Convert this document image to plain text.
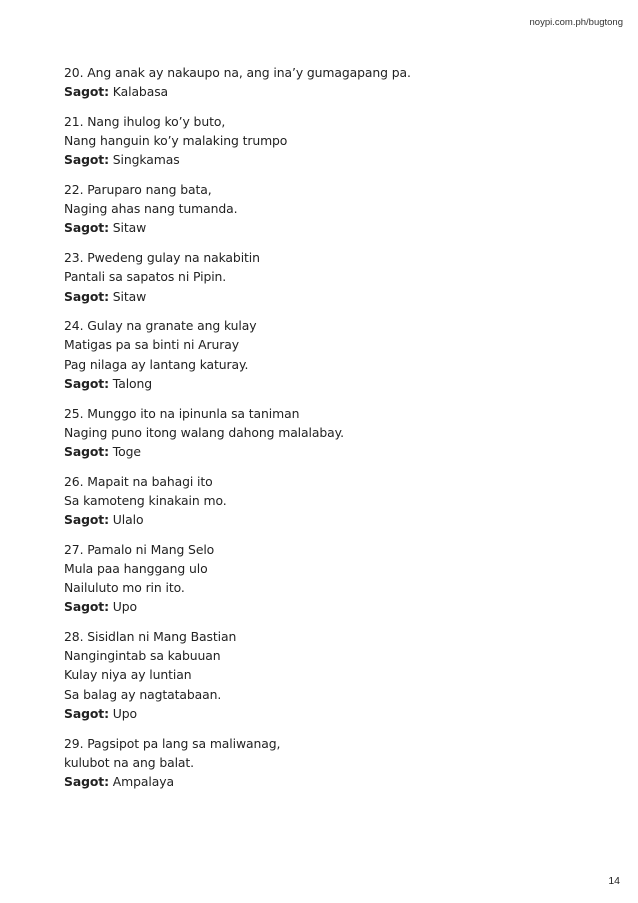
noypi.com.ph/bugtong
20. Ang anak ay nakaupo na, ang ina’y gumagapang pa.
Sagot: Kalabasa
21. Nang ihulog ko’y buto,
Nang hanguin ko’y malaking trumpo
Sagot: Singkamas
22. Paruparo nang bata,
Naging ahas nang tumanda.
Sagot: Sitaw
23. Pwedeng gulay na nakabitin
Pantali sa sapatos ni Pipin.
Sagot: Sitaw
24. Gulay na granate ang kulay
Matigas pa sa binti ni Aruray
Pag nilaga ay lantang katuray.
Sagot: Talong
25. Munggo ito na ipinunla sa taniman
Naging puno itong walang dahong malalabay.
Sagot: Toge
26. Mapait na bahagi ito
Sa kamoteng kinakain mo.
Sagot: Ulalo
27. Pamalo ni Mang Selo
Mula paa hanggang ulo
Nailuluto mo rin ito.
Sagot: Upo
28. Sisidlan ni Mang Bastian
Nangingintab sa kabuuan
Kulay niya ay luntian
Sa balag ay nagtatabaan.
Sagot: Upo
29. Pagsipot pa lang sa maliwanag,
kulubot na ang balat.
Sagot: Ampalaya
14
